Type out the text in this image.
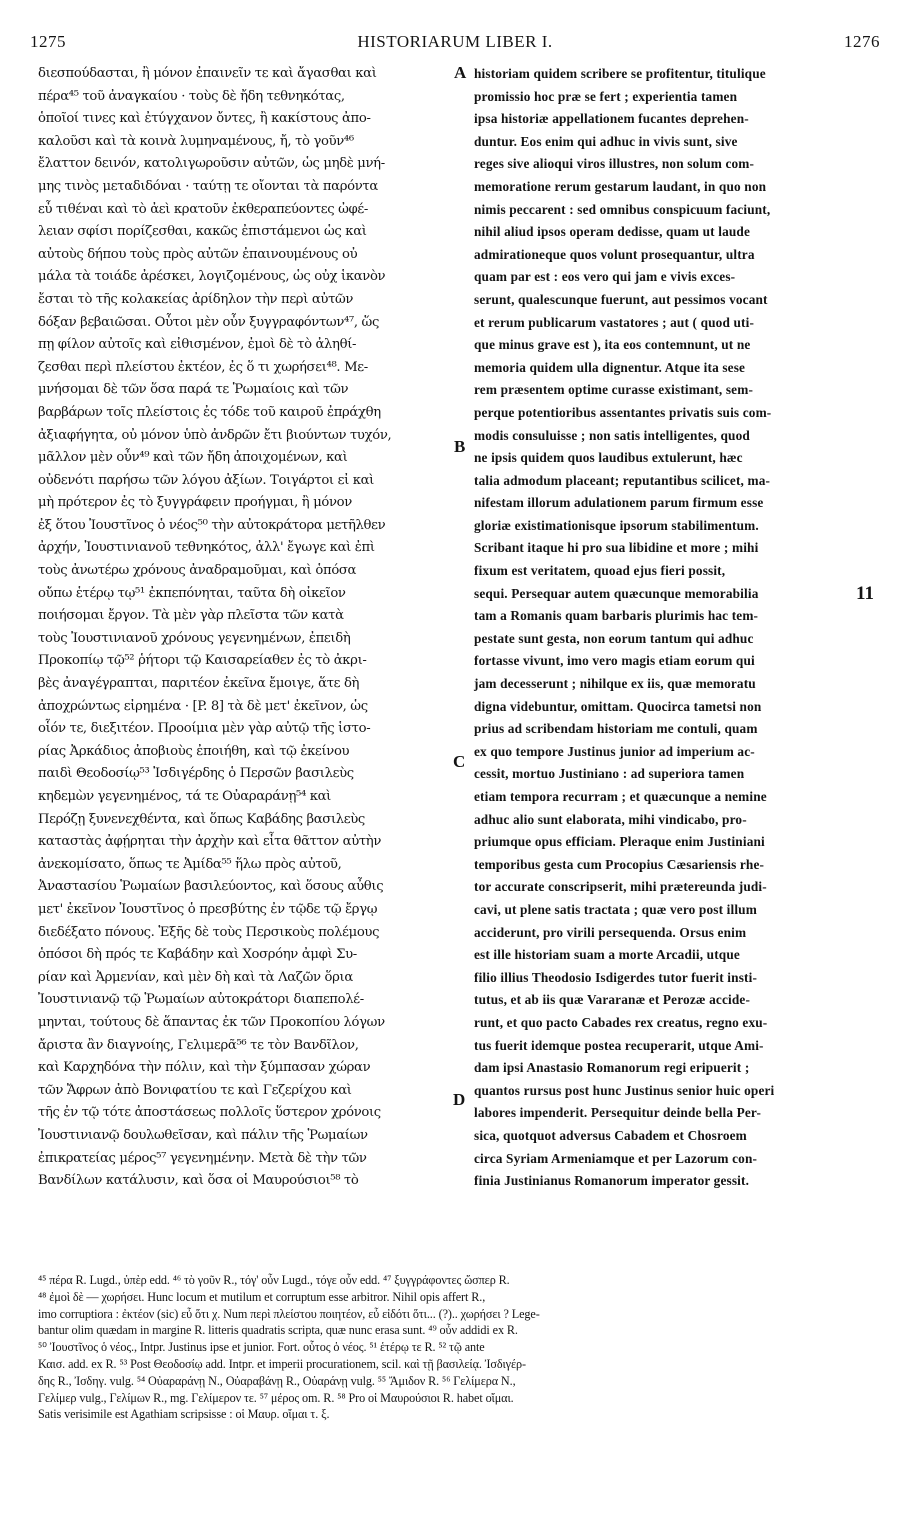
1275	HISTORIARUM LIBER I.	1276
διεσπούδασται, ἢ μόνον ἐπαινεῖν τε καὶ ἄγασθαι καὶ
πέρα⁴⁵ τοῦ ἀναγκαίου · τοὺς δὲ ἤδη τεθνηκότας,
ὁποῖοί τινες καὶ ἐτύγχανον ὄντες, ἢ κακίστους ἀπο-
καλοῦσι καὶ τὰ κοινὰ λυμηναμένους, ἤ, τὸ γοῦν⁴⁶
ἔλαττον δεινόν, κατολιγωροῦσιν αὐτῶν, ὡς μηδὲ μνή-
μης τινὸς μεταδιδόναι · ταύτῃ τε οἴονται τὰ παρόντα
εὖ τιθέναι καὶ τὸ ἀεὶ κρατοῦν ἐκθεραπεύοντες ὠφέ-
λειαν σφίσι πορίζεσθαι, κακῶς ἐπιστάμενοι ὡς καὶ
αὐτοὺς δήπου τοὺς πρὸς αὐτῶν ἐπαινουμένους οὐ
μάλα τὰ τοιάδε ἀρέσκει, λογιζομένους, ὡς οὐχ ἱκανὸν
ἔσται τὸ τῆς κολακείας ἀρίδηλον τὴν περὶ αὐτῶν
δόξαν βεβαιῶσαι. Οὗτοι μὲν οὖν ξυγγραφόντων⁴⁷, ὥς
πῃ φίλον αὐτοῖς καὶ εἰθισμένον, ἐμοὶ δὲ τὸ ἀληθί-
ζεσθαι περὶ πλείστου ἐκτέον, ἐς ὅ τι χωρήσει⁴⁸. Με-
μνήσομαι δὲ τῶν ὅσα παρά τε Ῥωμαίοις καὶ τῶν
βαρβάρων τοῖς πλείστοις ἐς τόδε τοῦ καιροῦ ἐπράχθη
ἀξιαφήγητα, οὐ μόνον ὑπὸ ἀνδρῶν ἔτι βιούντων τυχόν,
μᾶλλον μὲν οὖν⁴⁹ καὶ τῶν ἤδη ἀποιχομένων, καὶ
οὐδενότι παρήσω τῶν λόγου ἀξίων. Τοιγάρτοι εἰ καὶ
μὴ πρότερον ἐς τὸ ξυγγράφειν προήγμαι, ἢ μόνον
ἐξ ὅτου Ἰουστῖνος ὁ νέος⁵⁰ τὴν αὐτοκράτορα μετῆλθεν
ἀρχήν, Ἰουστινιανοῦ τεθνηκότος, ἀλλ' ἔγωγε καὶ ἐπὶ
τοὺς ἀνωτέρω χρόνους ἀναδραμοῦμαι, καὶ ὁπόσα
οὔπω ἑτέρῳ τῳ⁵¹ ἐκπεπόνηται, ταῦτα δὴ οἰκεῖον
ποιήσομαι ἔργον. Τὰ μὲν γὰρ πλεῖστα τῶν κατὰ
τοὺς Ἰουστινιανοῦ χρόνους γεγενημένων, ἐπειδὴ
Προκοπίῳ τῷ⁵² ῥήτορι τῷ Καισαρείαθεν ἐς τὸ ἀκρι-
βὲς ἀναγέγραπται, παριτέον ἐκεῖνα ἔμοιγε, ἅτε δὴ
ἀποχρώντως εἰρημένα · [P. 8] τὰ δὲ μετ' ἐκεῖνον, ὡς
οἷόν τε, διεξιτέον. Προοίμια μὲν γὰρ αὐτῷ τῆς ἱστο-
ρίας Ἀρκάδιος ἀποβιοὺς ἐποιήθη, καὶ τῷ ἐκείνου
παιδὶ Θεοδοσίῳ⁵³ Ἰσδιγέρδης ὁ Περσῶν βασιλεὺς
κηδεμὼν γεγενημένος, τά τε Οὐαραράνῃ⁵⁴ καὶ
Περόζῃ ξυνενεχθέντα, καὶ ὅπως Καβάδης βασιλεὺς
καταστὰς ἀφῄρηται τὴν ἀρχὴν καὶ εἶτα θᾶττον αὐτὴν
ἀνεκομίσατο, ὅπως τε Ἀμίδα⁵⁵ ἥλω πρὸς αὐτοῦ,
Ἀναστασίου Ῥωμαίων βασιλεύοντος, καὶ ὅσους αὖθις
μετ' ἐκεῖνον Ἰουστῖνος ὁ πρεσβύτης ἐν τῷδε τῷ ἔργῳ
διεδέξατο πόνους. Ἑξῆς δὲ τοὺς Περσικοὺς πολέμους
ὁπόσοι δὴ πρός τε Καβάδην καὶ Χοσρόην ἀμφὶ Συ-
ρίαν καὶ Ἀρμενίαν, καὶ μὲν δὴ καὶ τὰ Λαζῶν ὅρια
Ἰουστινιανῷ τῷ Ῥωμαίων αὐτοκράτορι διαπεπολέ-
μηνται, τούτους δὲ ἅπαντας ἐκ τῶν Προκοπίου λόγων
ἄριστα ἂν διαγνοίης, Γελιμερᾶ⁵⁶ τε τὸν Βανδῖλον,
καὶ Καρχηδόνα τὴν πόλιν, καὶ τὴν ξύμπασαν χώραν
τῶν Ἄφρων ἀπὸ Βονιφατίου τε καὶ Γεζερίχου καὶ
τῆς ἐν τῷ τότε ἀποστάσεως πολλοῖς ὕστερον χρόνοις
Ἰουστινιανῷ δουλωθεῖσαν, καὶ πάλιν τῆς Ῥωμαίων
ἐπικρατείας μέρος⁵⁷ γεγενημένην. Μετὰ δὲ τὴν τῶν
Βανδίλων κατάλυσιν, καὶ ὅσα οἱ Μαυρούσιοι⁵⁸ τὸ
A
B
C
D
historiam quidem scribere se profitentur, titulique
promissio hoc præ se fert ; experientia tamen
ipsa historiæ appellationem fucantes deprehen-
duntur. Eos enim qui adhuc in vivis sunt, sive
reges sive alioqui viros illustres, non solum com-
memoratione rerum gestarum laudant, in quo non
nimis peccarent : sed omnibus conspicuum faciunt,
nihil aliud ipsos operam dedisse, quam ut laude
admirationeque quos volunt prosequantur, ultra
quam par est : eos vero qui jam e vivis exces-
serunt, qualescunque fuerunt, aut pessimos vocant
et rerum publicarum vastatores ; aut ( quod uti-
que minus grave est ), ita eos contemnunt, ut ne
memoria quidem ulla dignentur. Atque ita sese
rem præsentem optime curasse existimant, sem-
perque potentioribus assentantes privatis suis com-
modis consuluisse ; non satis intelligentes, quod
ne ipsis quidem quos laudibus extulerunt, hæc
talia admodum placeant; reputantibus scilicet, ma-
nifestam illorum adulationem parum firmum esse
gloriæ existimationisque ipsorum stabilimentum.
Scribant itaque hi pro sua libidine et more ; mihi
fixum est veritatem, quoad ejus fieri possit,
sequi. Persequar autem quæcunque memorabilia
tam a Romanis quam barbaris plurimis hac tem-
pestate sunt gesta, non eorum tantum qui adhuc
fortasse vivunt, imo vero magis etiam eorum qui
jam decesserunt ; nihilque ex iis, quæ memoratu
digna videbuntur, omittam. Quocirca tametsi non
prius ad scribendam historiam me contuli, quam
ex quo tempore Justinus junior ad imperium ac-
cessit, mortuo Justiniano : ad superiora tamen
etiam tempora recurram ; et quæcunque a nemine
adhuc alio sunt elaborata, mihi vindicabo, pro-
priumque opus efficiam. Pleraque enim Justiniani
temporibus gesta cum Procopius Cæsariensis rhe-
tor accurate conscripserit, mihi prætereunda judi-
cavi, ut plene satis tractata ; quæ vero post illum
acciderunt, pro virili persequenda. Orsus enim
est ille historiam suam a morte Arcadii, utque
filio illius Theodosio Isdigerdes tutor fuerit insti-
tutus, et ab iis quæ Vararanæ et Perozæ accide-
runt, et quo pacto Cabades rex creatus, regno exu-
tus fuerit idemque postea recuperarit, utque Ami-
dam ipsi Anastasio Romanorum regi eripuerit ;
quantos rursus post hunc Justinus senior huic operi
labores impenderit. Persequitur deinde bella Per-
sica, quotquot adversus Cabadem et Chosroem
circa Syriam Armeniamque et per Lazorum con-
finia Justinianus Romanorum imperator gessit.
11
⁴⁵ πέρα R. Lugd., ὑπὲρ edd. ⁴⁶ τὸ γοῦν R., τόγ' οὖν Lugd., τόγε οὖν edd. ⁴⁷ ξυγγράφοντες ὥσπερ R.
⁴⁸ ἐμοὶ δὲ — χωρήσει. Hunc locum et mutilum et corruptum esse arbitror. Nihil opis affert R.,
imo corruptiora : ἐκτέον (sic) εὖ ὅτι χ. Num περὶ πλείστου ποιητέον, εὖ εἰδότι ὅτι... (?).. χωρήσει ? Lege-
bantur olim quædam in margine R. litteris quadratis scripta, quæ nunc erasa sunt. ⁴⁹ οὖν addidi ex R.
⁵⁰ Ἰουστῖνος ὁ νέος., Intpr. Justinus ipse et junior. Fort. οὗτος ὁ νέος. ⁵¹ ἑτέρῳ τε R. ⁵² τῷ ante
Καισ. add. ex R. ⁵³ Post Θεοδοσίῳ add. Intpr. et imperii procurationem, scil. καὶ τῇ βασιλείᾳ. Ἰσδιγέρ-
δης R., Ἰσδηγ. vulg. ⁵⁴ Οὐαραράνῃ N., Οὐαραβάνῃ R., Οὐαράνῃ vulg. ⁵⁵ Ἄμιδον R. ⁵⁶ Γελίμερα N.,
Γελίμερ vulg., Γελίμων R., mg. Γελίμερον τε. ⁵⁷ μέρος om. R. ⁵⁸ Pro οἱ Μαυρούσιοι R. habet οἴμαι.
Satis verisimile est Agathiam scripsisse : οἱ Μαυρ. οἴμαι τ. ξ.
